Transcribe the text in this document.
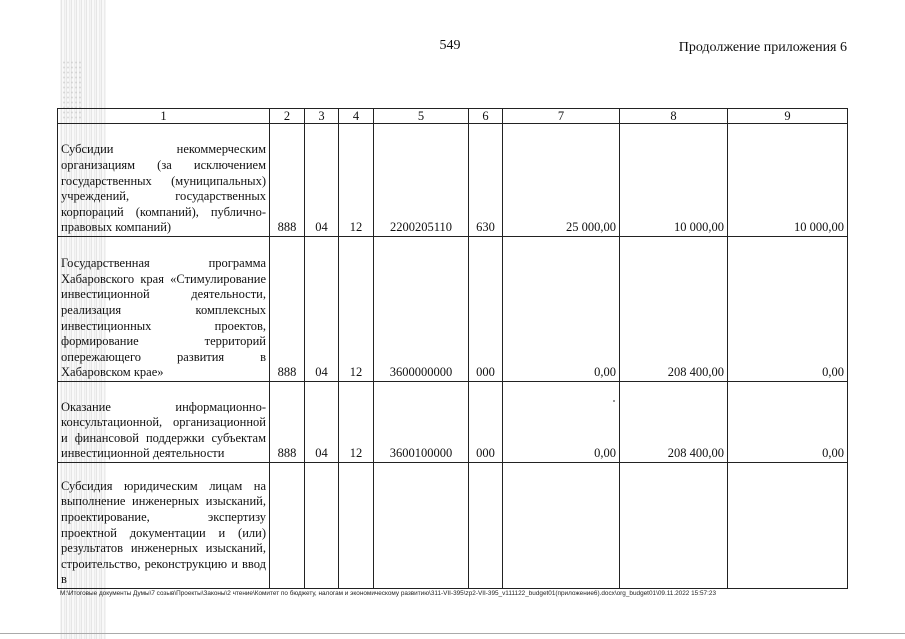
549	Продолжение приложения 6
1	2	3	4	5	6	7	8	9
Субсидии некоммерческим организациям (за исключением государственных (муниципальных) учреждений, государственных корпораций (компаний), публично-правовых компаний)	888	04	12	2200205110	630	25 000,00	10 000,00	10 000,00
Государственная программа Хабаровского края «Стимулирование инвестиционной деятельности, реализация комплексных инвестиционных проектов, формирование территорий опережающего развития в Хабаровском крае»	888	04	12	3600000000	000	0,00	208 400,00	0,00
Оказание информационно-консультационной, организационной и финансовой поддержки субъектам инвестиционной деятельности	888	04	12	3600100000	000	0,00	208 400,00	0,00
Субсидия юридическим лицам на выполнение инженерных изысканий, проектирование, экспертизу проектной документации и (или) результатов инженерных изысканий, строительство, реконструкцию и ввод в								
M:\Итоговые документы Думы\7 созыв\Проекты\Законы\2 чтение\Комитет по бюджету, налогам и экономическому развитию\311-VII-395\zp2-VII-395_v111122_budget01(приложение6).docx\org_budget01\09.11.2022 15:57:23
